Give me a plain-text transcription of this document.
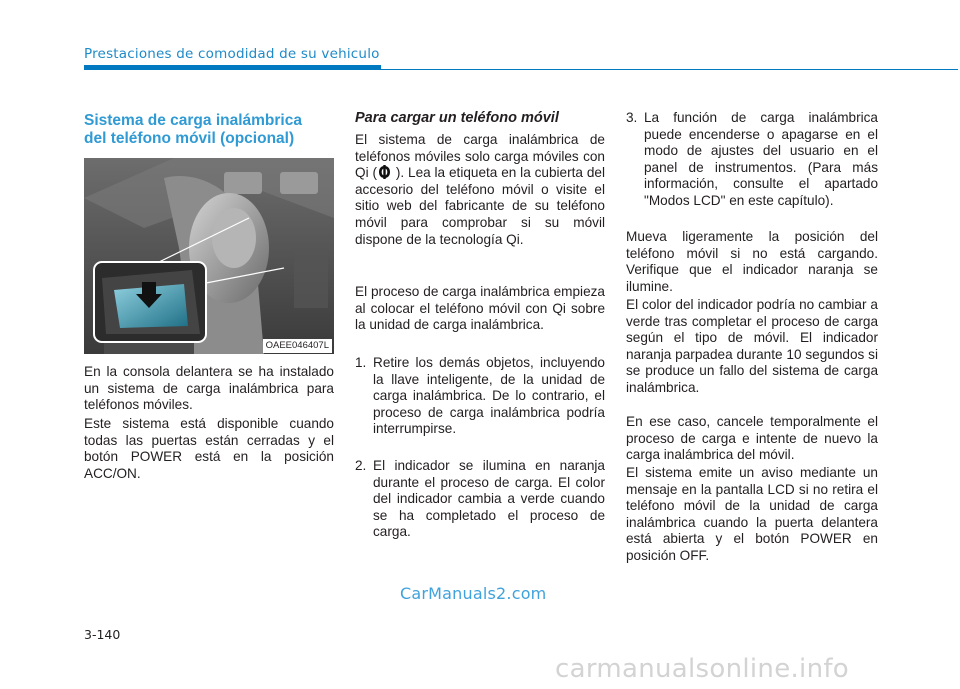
Prestaciones de comodidad de su vehiculo
Sistema de carga inalámbrica
del teléfono móvil (opcional)
OAEE046407L

En la consola delantera se ha instalado un sistema de carga inalámbrica para teléfonos móviles.

Este sistema está disponible cuando todas las puertas están cerradas y el botón POWER está en la posición ACC/ON.

Para cargar un teléfono móvil

El sistema de carga inalámbrica de teléfonos móviles solo carga móviles con Qi ( ). Lea la etiqueta en la cubierta del accesorio del teléfono móvil o visite el sitio web del fabricante de su teléfono móvil para comprobar si su móvil dispone de la tecnología Qi.

El proceso de carga inalámbrica empieza al colocar el teléfono móvil con Qi sobre la unidad de carga inalámbrica.

1. Retire los demás objetos, incluyendo la llave inteligente, de la unidad de carga inalámbrica. De lo contrario, el proceso de carga inalámbrica podría interrumpirse.
2. El indicador se ilumina en naranja durante el proceso de carga. El color del indicador cambia a verde cuando se ha completado el proceso de carga.
3. La función de carga inalámbrica puede encenderse o apagarse en el modo de ajustes del usuario en el panel de instrumentos. (Para más información, consulte el apartado "Modos LCD" en este capítulo).

Mueva ligeramente la posición del teléfono móvil si no está cargando. Verifique que el indicador naranja se ilumine.

El color del indicador podría no cambiar a verde tras completar el proceso de carga según el tipo de móvil. El indicador naranja parpadea durante 10 segundos si se produce un fallo del sistema de carga inalámbrica.

En ese caso, cancele temporalmente el proceso de carga e intente de nuevo la carga inalámbrica del móvil.

El sistema emite un aviso mediante un mensaje en la pantalla LCD si no retira el teléfono móvil de la unidad de carga inalámbrica cuando la puerta delantera está abierta y el botón POWER en posición OFF.

3-140
CarManuals2.com
carmanualsonline.info
